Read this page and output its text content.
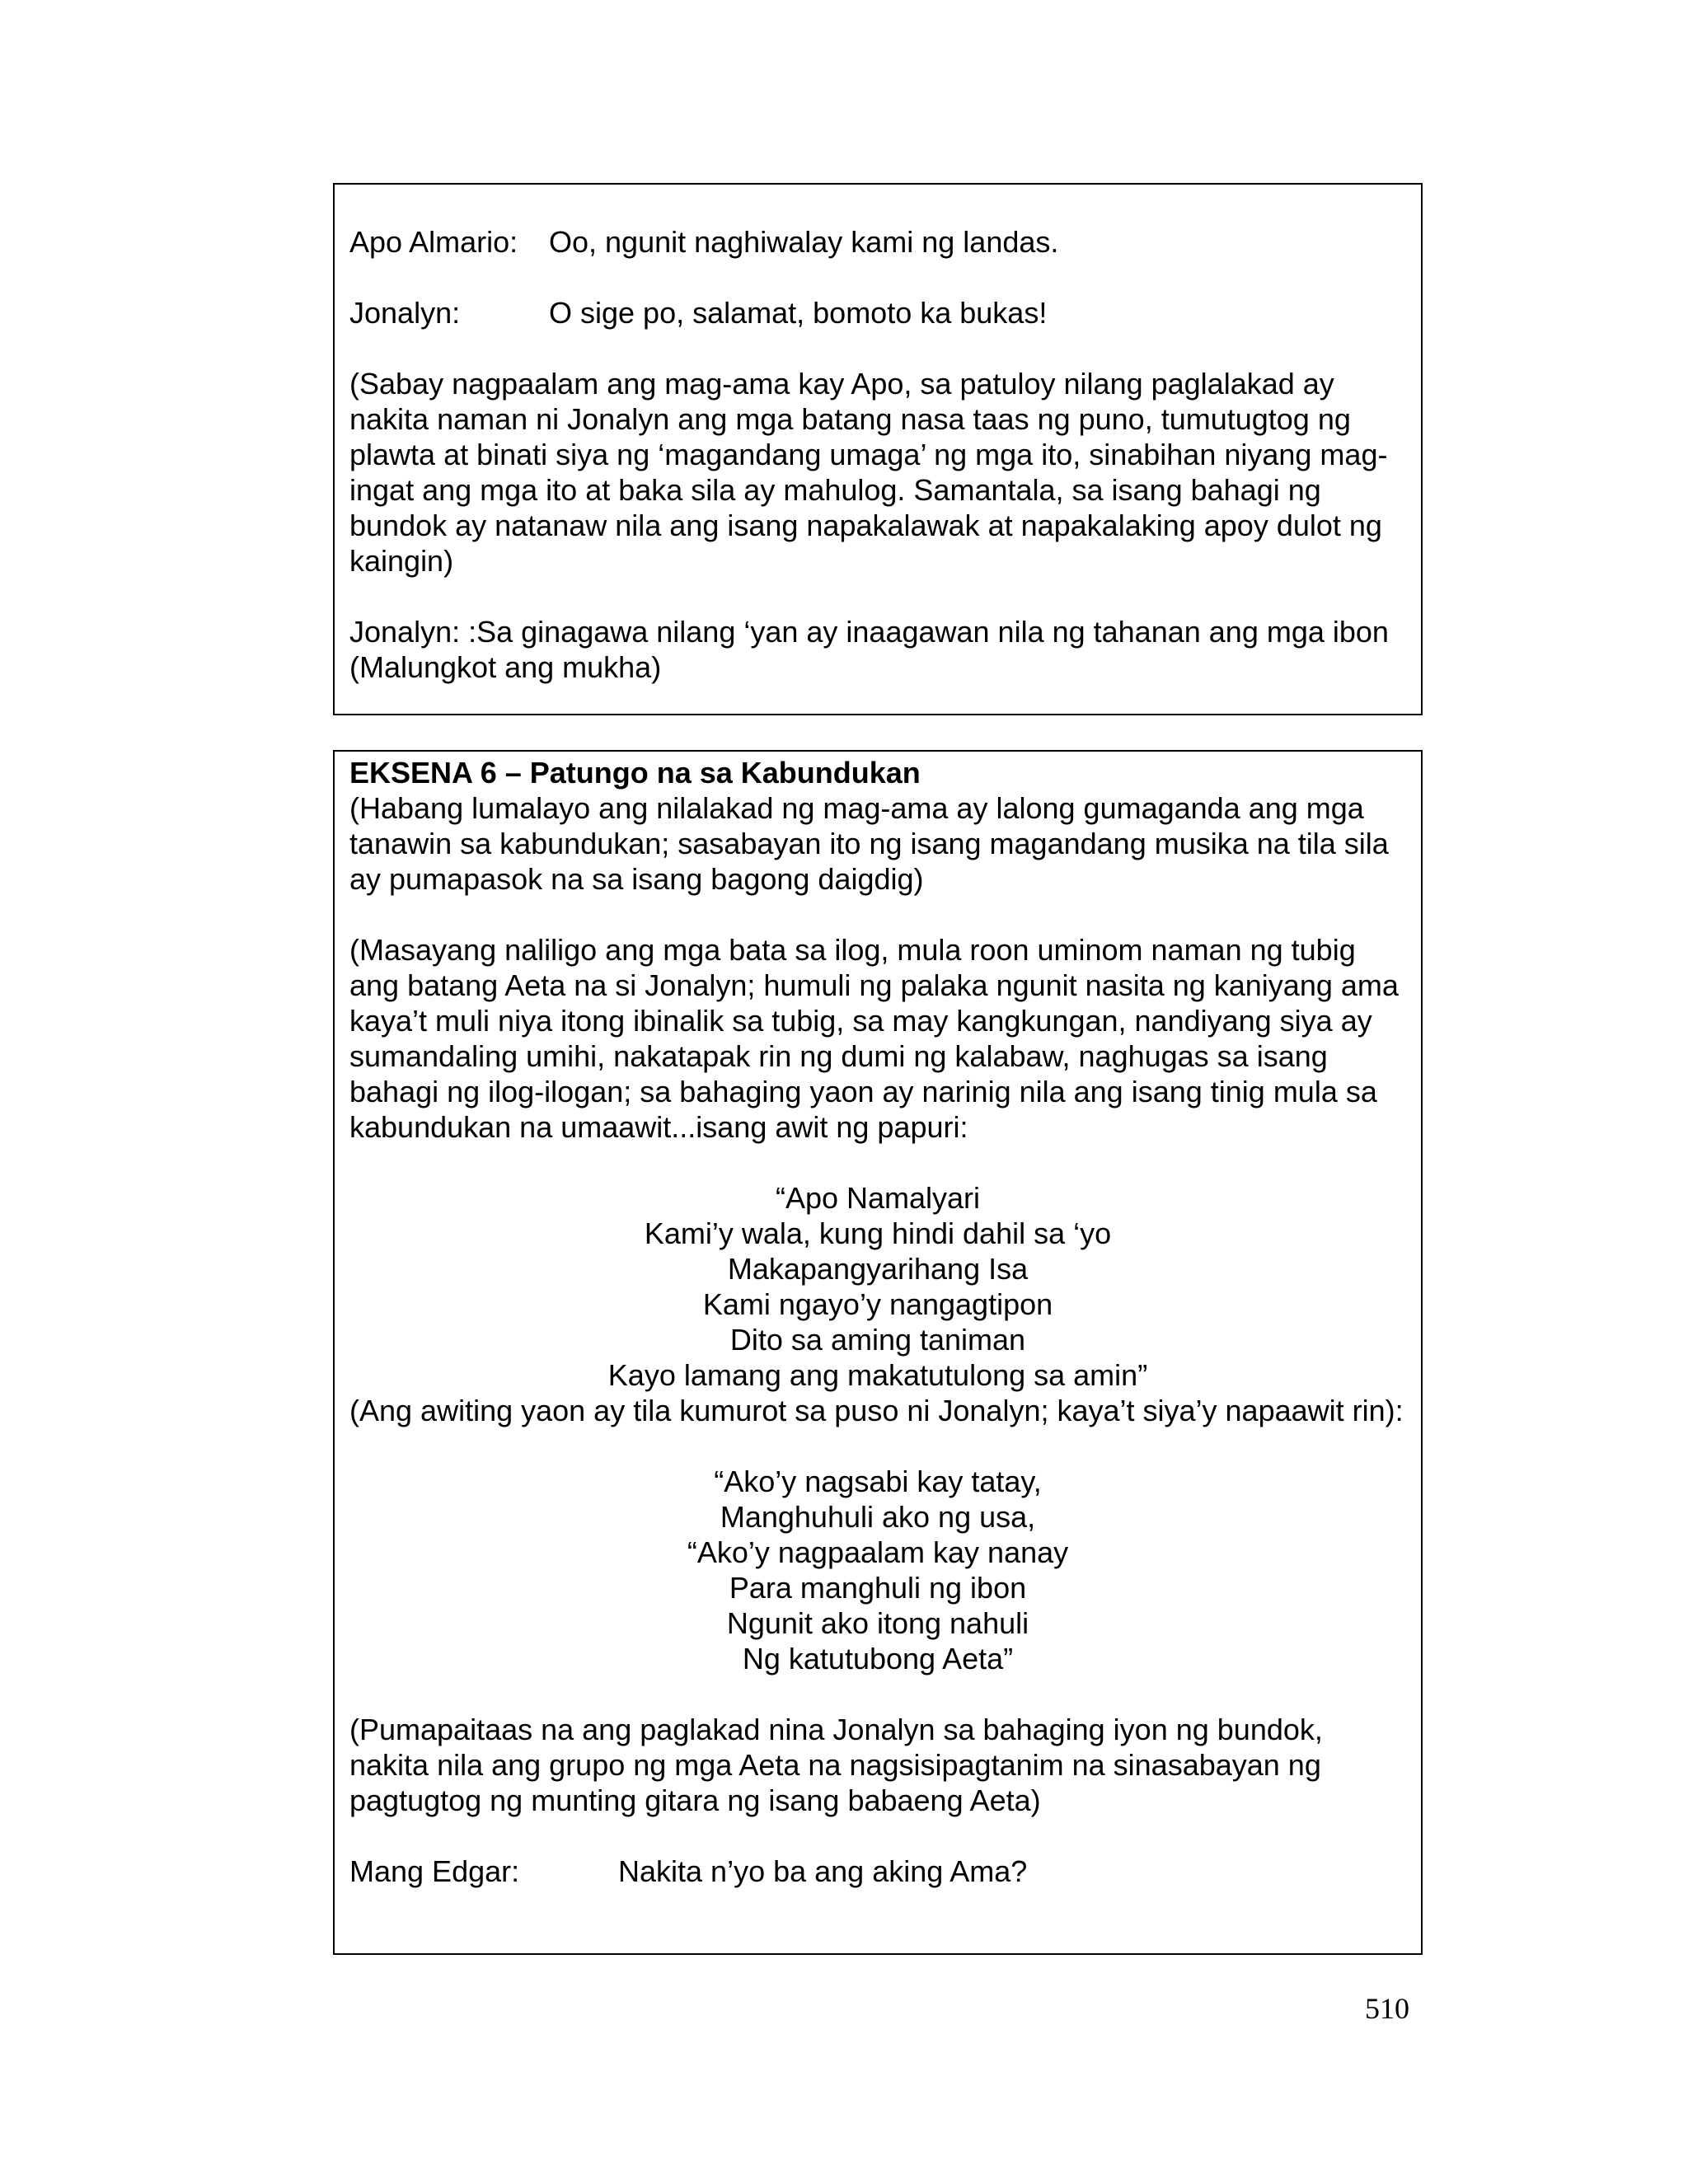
Apo Almario:	Oo, ngunit naghiwalay kami ng landas.

Jonalyn:	O sige po, salamat, bomoto ka bukas!

(Sabay nagpaalam ang mag-ama kay Apo, sa patuloy nilang paglalakad ay nakita naman ni Jonalyn ang mga batang nasa taas ng puno, tumutugtog ng plawta at binati siya ng ‘magandang umaga’ ng mga ito, sinabihan niyang mag-ingat ang mga ito at baka sila ay mahulog. Samantala, sa isang bahagi ng bundok ay natanaw nila ang isang napakalawak at napakalaking apoy dulot ng kaingin)

Jonalyn: :Sa ginagawa nilang ‘yan ay inaagawan nila ng tahanan ang mga ibon (Malungkot ang mukha)

EKSENA 6 – Patungo na sa Kabundukan

(Habang lumalayo ang nilalakad ng mag-ama ay lalong gumaganda ang mga tanawin sa kabundukan; sasabayan ito ng isang magandang musika na tila sila ay pumapasok na sa isang bagong daigdig)

(Masayang naliligo ang mga bata sa ilog, mula roon uminom naman ng tubig ang batang Aeta na si Jonalyn; humuli ng palaka ngunit nasita ng kaniyang ama kaya’t muli niya itong ibinalik sa tubig, sa may kangkungan, nandiyang siya ay sumandaling umihi, nakatapak rin ng dumi ng kalabaw, naghugas sa isang bahagi ng ilog-ilogan; sa bahaging yaon ay narinig nila ang isang tinig mula sa kabundukan na umaawit...isang awit ng papuri:

“Apo Namalyari
Kami’y wala, kung hindi dahil sa ‘yo
Makapangyarihang Isa
Kami ngayo’y nangagtipon
Dito sa aming taniman
Kayo lamang ang makatutulong sa amin”

(Ang awiting yaon ay tila kumurot sa puso ni Jonalyn; kaya’t siya’y napaawit rin):

“Ako’y nagsabi kay tatay,
Manghuhuli ako ng usa,
“Ako’y nagpaalam kay nanay
Para manghuli ng ibon
Ngunit ako itong nahuli
Ng katutubong Aeta”

(Pumapaitaas na ang paglakad nina Jonalyn sa bahaging iyon ng bundok, nakita nila ang grupo ng mga Aeta na nagsisipagtanim na sinasabayan ng pagtugtog ng munting gitara ng isang babaeng Aeta)

Mang Edgar:	Nakita n’yo ba ang aking Ama?

510
